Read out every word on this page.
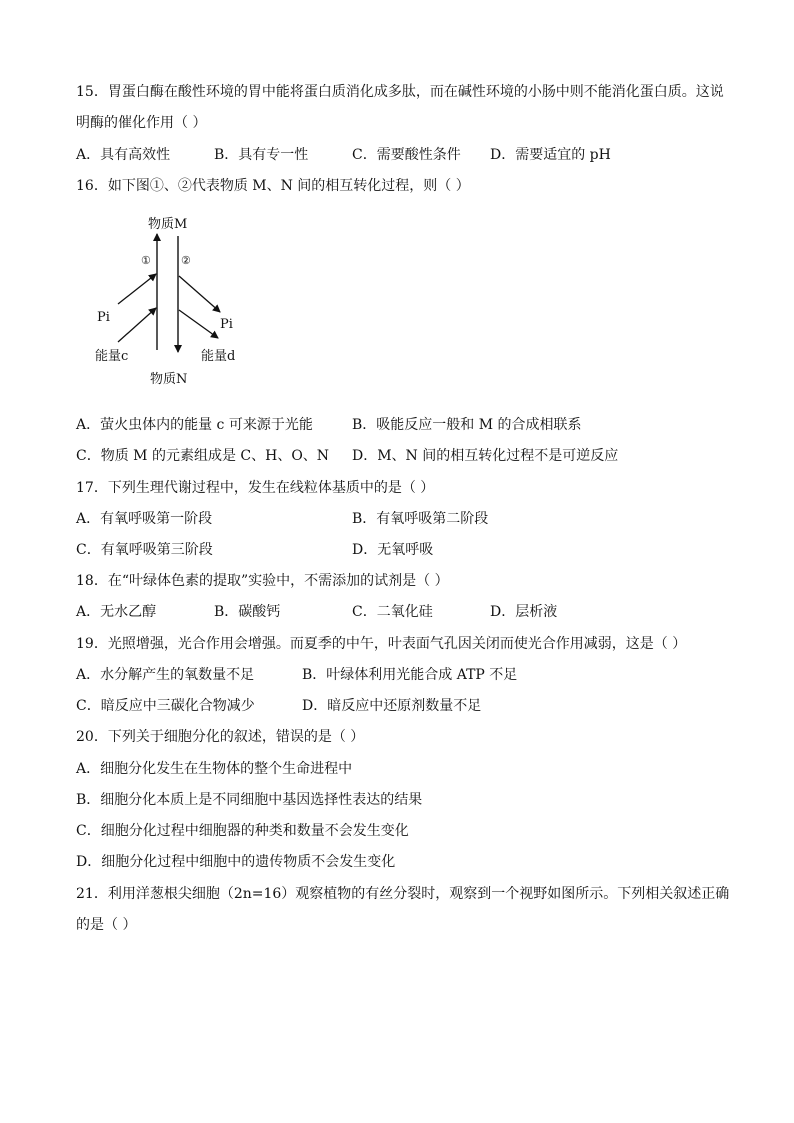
15．胃蛋白酶在酸性环境的胃中能将蛋白质消化成多肽，而在碱性环境的小肠中则不能消化蛋白质。这说
明酶的催化作用（ ）
A．具有高效性	B．具有专一性	C．需要酸性条件 D．需要适宜的 pH
16．如下图①、②代表物质 M、N 间的相互转化过程，则（ ）
物质M
①	②
Pi	Pi
能量c	能量d
物质N
A．萤火虫体内的能量 c 可来源于光能	B．吸能反应一般和 M 的合成相联系
C．物质 M 的元素组成是 C、H、O、N D．M、N 间的相互转化过程不是可逆反应
17．下列生理代谢过程中，发生在线粒体基质中的是（ ）
A．有氧呼吸第一阶段	B．有氧呼吸第二阶段
C．有氧呼吸第三阶段	D．无氧呼吸
18．在“叶绿体色素的提取”实验中，不需添加的试剂是（ ）
A．无水乙醇	B．碳酸钙	C．二氧化硅	D．层析液
19．光照增强，光合作用会增强。而夏季的中午，叶表面气孔因关闭而使光合作用减弱，这是（ ）
A．水分解产生的氧数量不足	B．叶绿体利用光能合成 ATP 不足
C．暗反应中三碳化合物减少	D．暗反应中还原剂数量不足
20．下列关于细胞分化的叙述，错误的是（ ）
A．细胞分化发生在生物体的整个生命进程中
B．细胞分化本质上是不同细胞中基因选择性表达的结果
C．细胞分化过程中细胞器的种类和数量不会发生变化
D．细胞分化过程中细胞中的遗传物质不会发生变化
21．利用洋葱根尖细胞（2n=16）观察植物的有丝分裂时，观察到一个视野如图所示。下列相关叙述正确
的是（ ）
